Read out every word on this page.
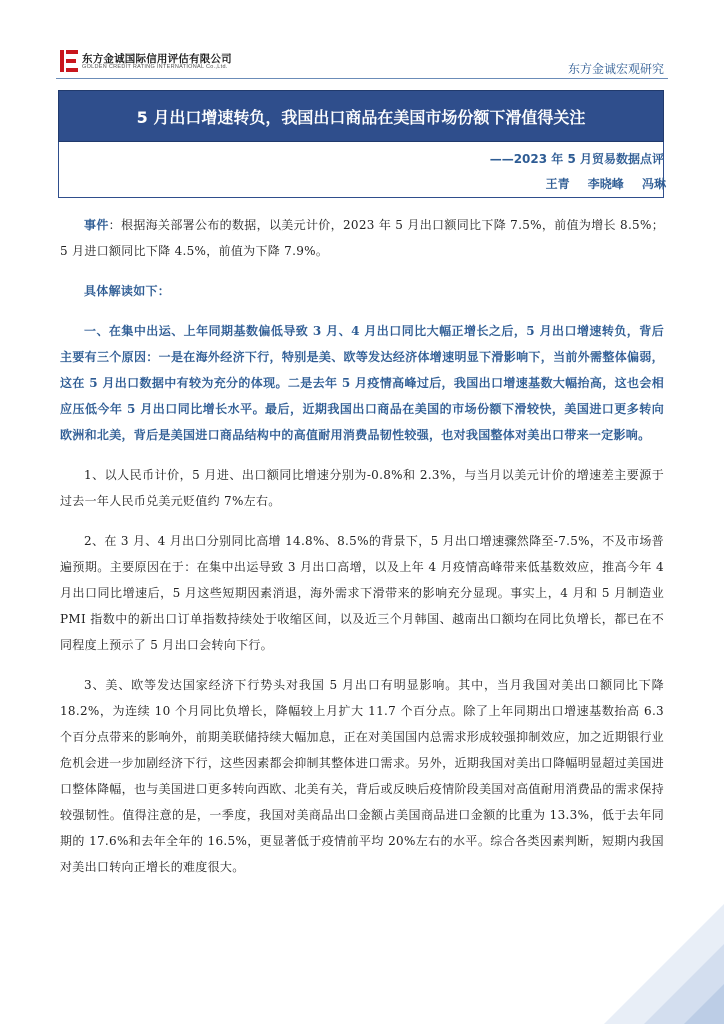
东方金诚国际信用评估有限公司
GOLDEN CREDIT RATING INTERNATIONAL Co.,Ltd.	东方金诚宏观研究
5 月出口增速转负，我国出口商品在美国市场份额下滑值得关注
——2023 年 5 月贸易数据点评
王青 李晓峰 冯琳

事件：根据海关部署公布的数据，以美元计价，2023 年 5 月出口额同比下降 7.5%，前值为增长 8.5%；5 月进口额同比下降 4.5%，前值为下降 7.9%。

具体解读如下：

一、在集中出运、上年同期基数偏低导致 3 月、4 月出口同比大幅正增长之后，5 月出口增速转负，背后主要有三个原因：一是在海外经济下行，特别是美、欧等发达经济体增速明显下滑影响下，当前外需整体偏弱，这在 5 月出口数据中有较为充分的体现。二是去年 5 月疫情高峰过后，我国出口增速基数大幅抬高，这也会相应压低今年 5 月出口同比增长水平。最后，近期我国出口商品在美国的市场份额下滑较快，美国进口更多转向欧洲和北美，背后是美国进口商品结构中的高值耐用消费品韧性较强，也对我国整体对美出口带来一定影响。

1、以人民币计价，5 月进、出口额同比增速分别为-0.8%和 2.3%，与当月以美元计价的增速差主要源于过去一年人民币兑美元贬值约 7%左右。

2、在 3 月、4 月出口分别同比高增 14.8%、8.5%的背景下，5 月出口增速骤然降至-7.5%，不及市场普遍预期。主要原因在于：在集中出运导致 3 月出口高增，以及上年 4 月疫情高峰带来低基数效应，推高今年 4 月出口同比增速后，5 月这些短期因素消退，海外需求下滑带来的影响充分显现。事实上，4 月和 5 月制造业 PMI 指数中的新出口订单指数持续处于收缩区间，以及近三个月韩国、越南出口额均在同比负增长，都已在不同程度上预示了 5 月出口会转向下行。

3、美、欧等发达国家经济下行势头对我国 5 月出口有明显影响。其中，当月我国对美出口额同比下降 18.2%，为连续 10 个月同比负增长，降幅较上月扩大 11.7 个百分点。除了上年同期出口增速基数抬高 6.3 个百分点带来的影响外，前期美联储持续大幅加息，正在对美国国内总需求形成较强抑制效应，加之近期银行业危机会进一步加剧经济下行，这些因素都会抑制其整体进口需求。另外，近期我国对美出口降幅明显超过美国进口整体降幅，也与美国进口更多转向西欧、北美有关，背后或反映后疫情阶段美国对高值耐用消费品的需求保持较强韧性。值得注意的是，一季度，我国对美商品出口金额占美国商品进口金额的比重为 13.3%，低于去年同期的 17.6%和去年全年的 16.5%，更显著低于疫情前平均 20%左右的水平。综合各类因素判断，短期内我国对美出口转向正增长的难度很大。
